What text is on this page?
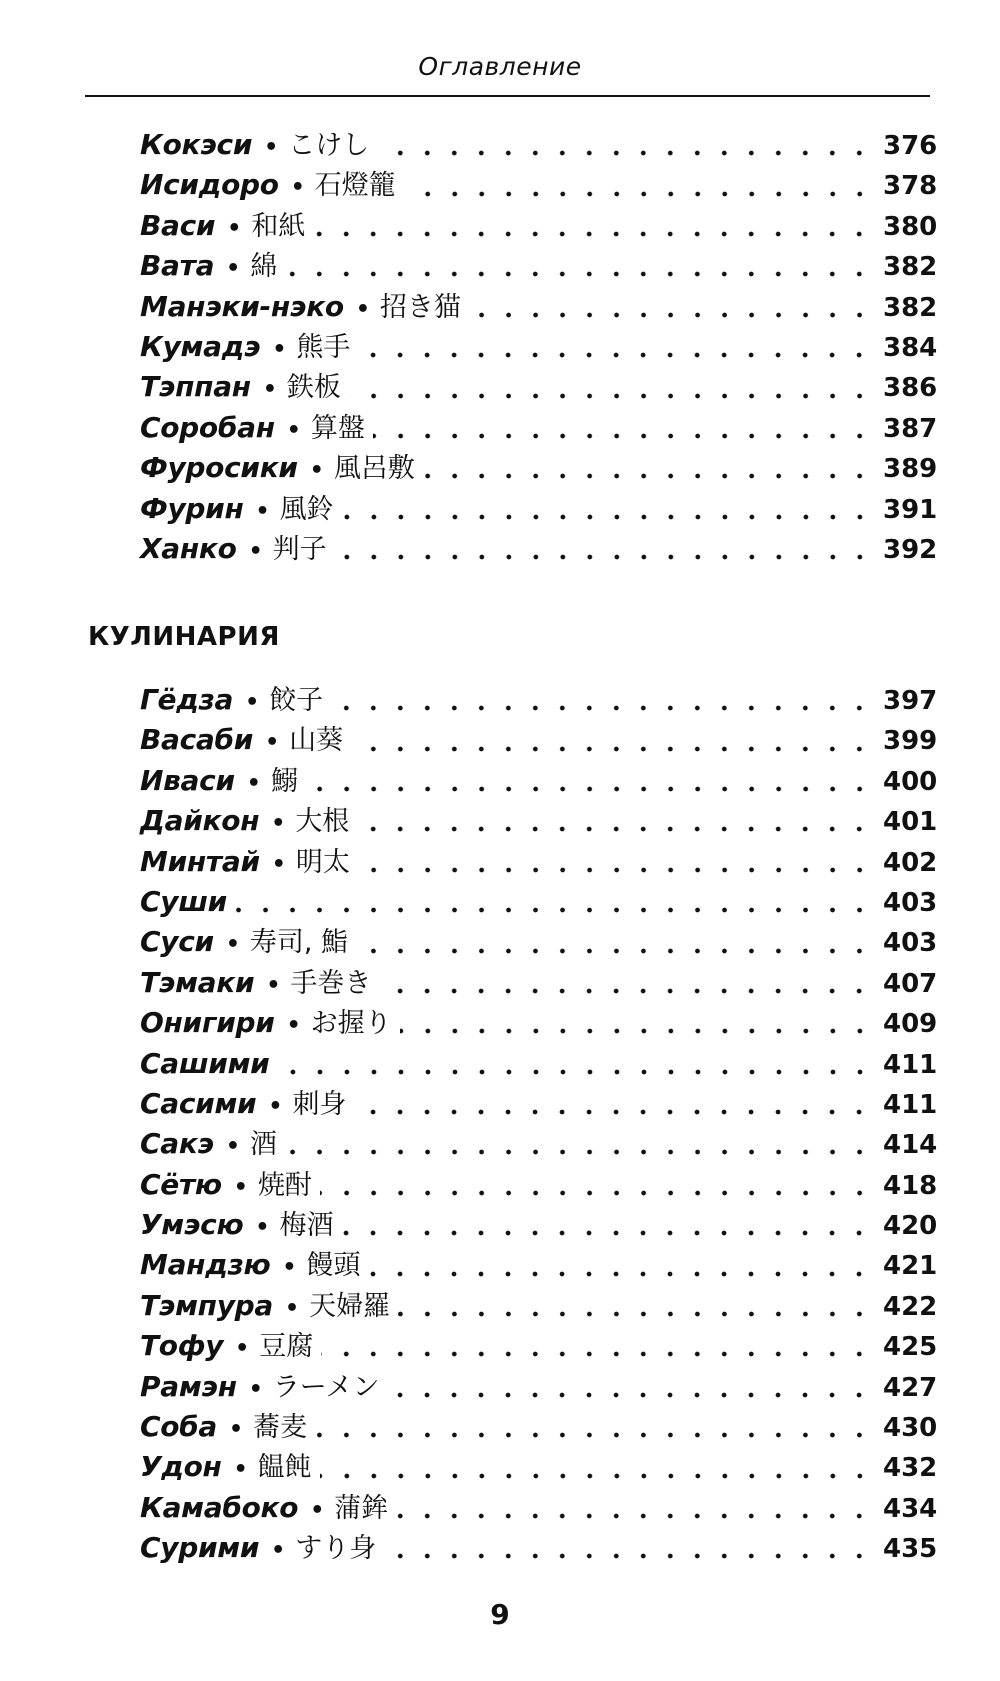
Оглавление
Кокэси • こけし	376
Исидоро • 石燈籠	378
Васи • 和紙	380
Вата • 綿	382
Манэки-нэко • 招き猫	382
Кумадэ • 熊手	384
Тэппан • 鉄板	386
Соробан • 算盤	387
Фуросики • 風呂敷	389
Фурин • 風鈴	391
Ханко • 判子	392
КУЛИНАРИЯ
Гёдза • 餃子	397
Васаби • 山葵	399
Иваси • 鰯	400
Дайкон • 大根	401
Минтай • 明太	402
Суши	403
Суси • 寿司, 鮨	403
Тэмаки • 手巻き	407
Онигири • お握り	409
Сашими	411
Сасими • 刺身	411
Сакэ • 酒	414
Сётю • 焼酎	418
Умэсю • 梅酒	420
Мандзю • 饅頭	421
Тэмпура • 天婦羅	422
Тофу • 豆腐	425
Рамэн • ラーメン	427
Соба • 蕎麦	430
Удон • 饂飩	432
Камабоко • 蒲鉾	434
Сурими • すり身	435
9
